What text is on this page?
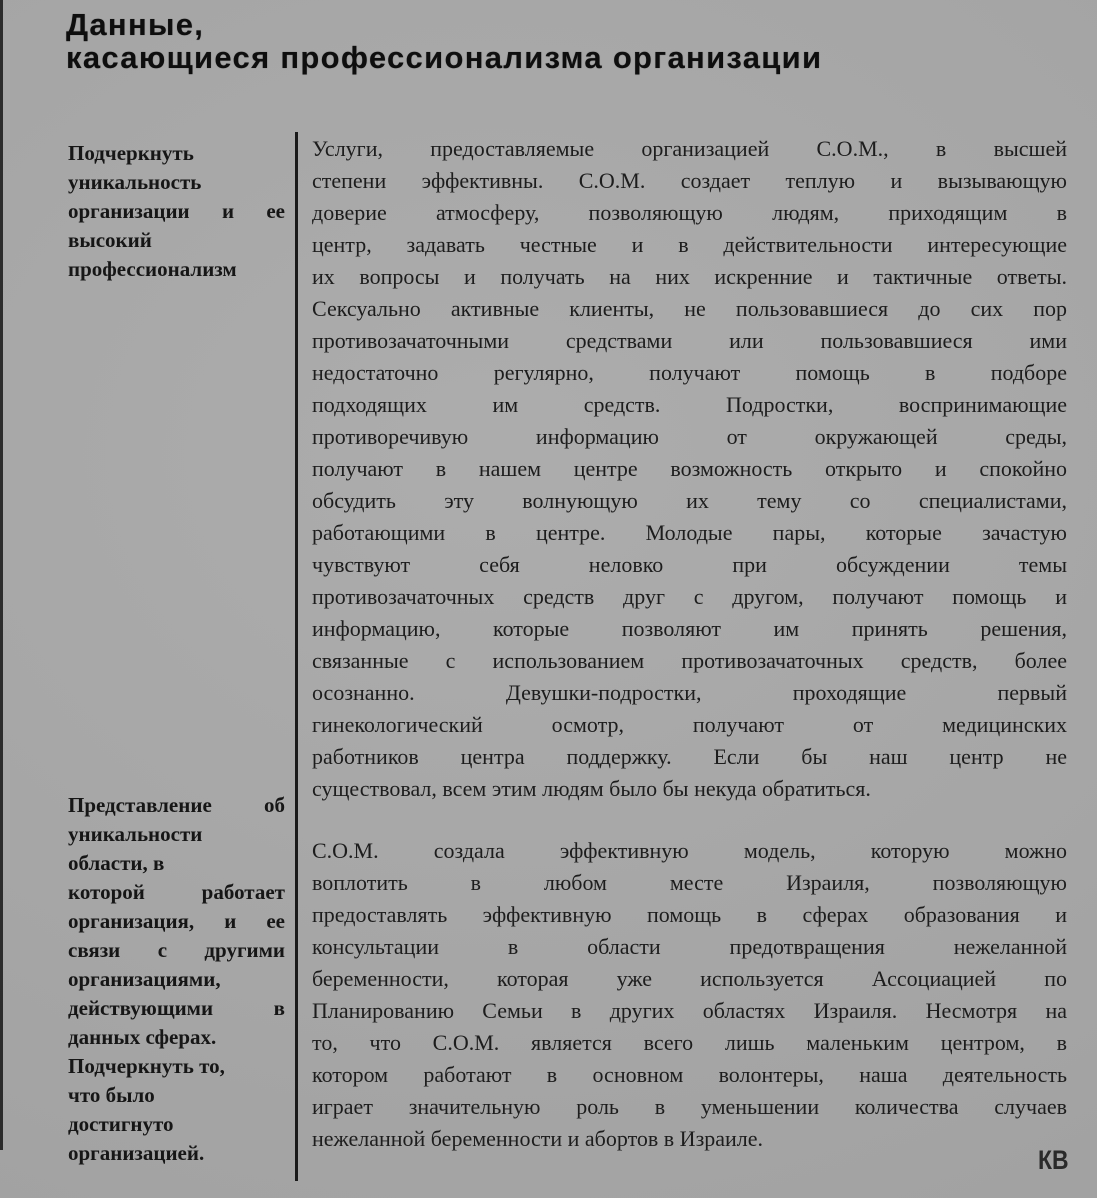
Данные,
касающиеся профессионализма организации
Подчеркнуть
уникальность
организации и ее
высокий
профессионализм
Представление об
уникальности
области, в
которой работает
организация, и ее
связи с другими
организациями,
действующими в
данных сферах.
Подчеркнуть то,
что было
достигнуто
организацией.
Услуги, предоставляемые организацией С.О.М., в высшей
степени эффективны. С.О.М. создает теплую и вызывающую
доверие атмосферу, позволяющую людям, приходящим в
центр, задавать честные и в действительности интересующие
их вопросы и получать на них искренние и тактичные ответы.
Сексуально активные клиенты, не пользовавшиеся до сих пор
противозачаточными средствами или пользовавшиеся ими
недостаточно регулярно, получают помощь в подборе
подходящих им средств. Подростки, воспринимающие
противоречивую информацию от окружающей среды,
получают в нашем центре возможность открыто и спокойно
обсудить эту волнующую их тему со специалистами,
работающими в центре. Молодые пары, которые зачастую
чувствуют себя неловко при обсуждении темы
противозачаточных средств друг с другом, получают помощь и
информацию, которые позволяют им принять решения,
связанные с использованием противозачаточных средств, более
осознанно. Девушки-подростки, проходящие первый
гинекологический осмотр, получают от медицинских
работников центра поддержку. Если бы наш центр не
существовал, всем этим людям было бы некуда обратиться.
С.О.М. создала эффективную модель, которую можно
воплотить в любом месте Израиля, позволяющую
предоставлять эффективную помощь в сферах образования и
консультации в области предотвращения нежеланной
беременности, которая уже используется Ассоциацией по
Планированию Семьи в других областях Израиля. Несмотря на
то, что С.О.М. является всего лишь маленьким центром, в
котором работают в основном волонтеры, наша деятельность
играет значительную роль в уменьшении количества случаев
нежеланной беременности и абортов в Израиле.
КВ
